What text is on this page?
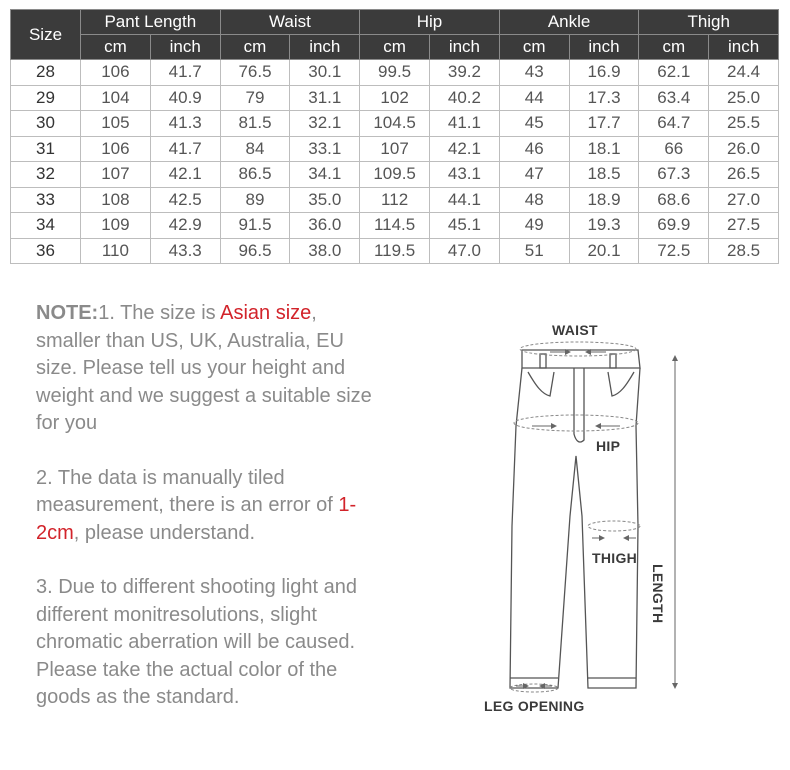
Size	Pant Length		Waist		Hip		Ankle		Thigh	
	cm	inch	cm	inch	cm	inch	cm	inch	cm	inch
28	106	41.7	76.5	30.1	99.5	39.2	43	16.9	62.1	24.4
29	104	40.9	79	31.1	102	40.2	44	17.3	63.4	25.0
30	105	41.3	81.5	32.1	104.5	41.1	45	17.7	64.7	25.5
31	106	41.7	84	33.1	107	42.1	46	18.1	66	26.0
32	107	42.1	86.5	34.1	109.5	43.1	47	18.5	67.3	26.5
33	108	42.5	89	35.0	112	44.1	48	18.9	68.6	27.0
34	109	42.9	91.5	36.0	114.5	45.1	49	19.3	69.9	27.5
36	110	43.3	96.5	38.0	119.5	47.0	51	20.1	72.5	28.5

NOTE:1. The size is Asian size, smaller than US, UK, Australia, EU size. Please tell us your height and weight and we suggest a suitable size for you

2. The data is manually tiled measurement, there is an error of 1-2cm, please understand.

3. Due to different shooting light and different monitresolutions, slight chromatic aberration will be caused. Please take the actual color of the goods as the standard.

WAIST
HIP
THIGH
LENGTH
LEG OPENING
